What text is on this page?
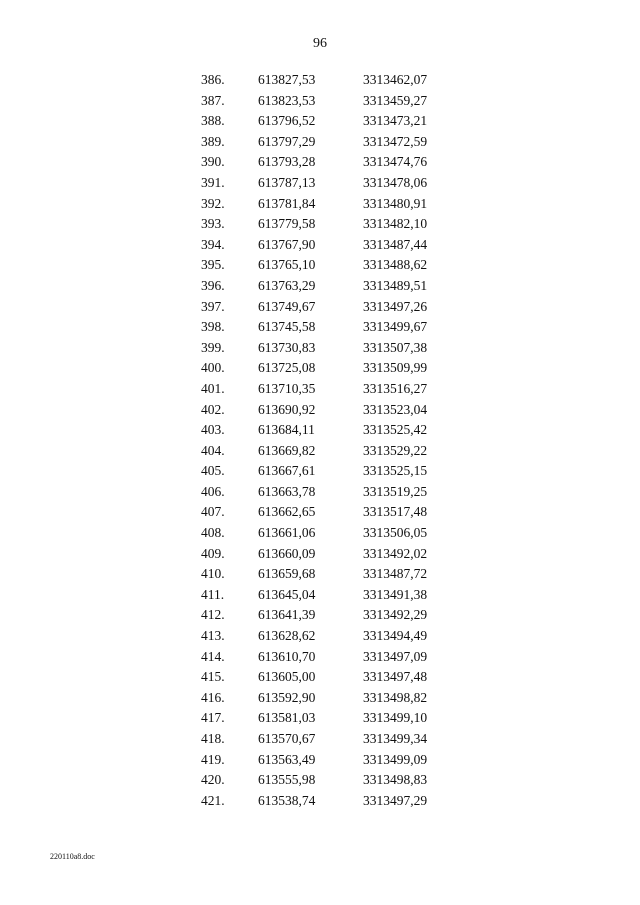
96
386. 613827,53	3313462,07
387. 613823,53	3313459,27
388. 613796,52	3313473,21
389. 613797,29	3313472,59
390. 613793,28	3313474,76
391. 613787,13	3313478,06
392. 613781,84	3313480,91
393. 613779,58	3313482,10
394. 613767,90	3313487,44
395. 613765,10	3313488,62
396. 613763,29	3313489,51
397. 613749,67	3313497,26
398. 613745,58	3313499,67
399. 613730,83	3313507,38
400. 613725,08	3313509,99
401. 613710,35	3313516,27
402. 613690,92	3313523,04
403. 613684,11	3313525,42
404. 613669,82	3313529,22
405. 613667,61	3313525,15
406. 613663,78	3313519,25
407. 613662,65	3313517,48
408. 613661,06	3313506,05
409. 613660,09	3313492,02
410. 613659,68	3313487,72
411.	613645,04	3313491,38
412. 613641,39	3313492,29
413. 613628,62	3313494,49
414. 613610,70	3313497,09
415. 613605,00	3313497,48
416. 613592,90	3313498,82
417. 613581,03	3313499,10
418. 613570,67	3313499,34
419. 613563,49	3313499,09
420. 613555,98	3313498,83
421. 613538,74	3313497,29
220110a8.doc
